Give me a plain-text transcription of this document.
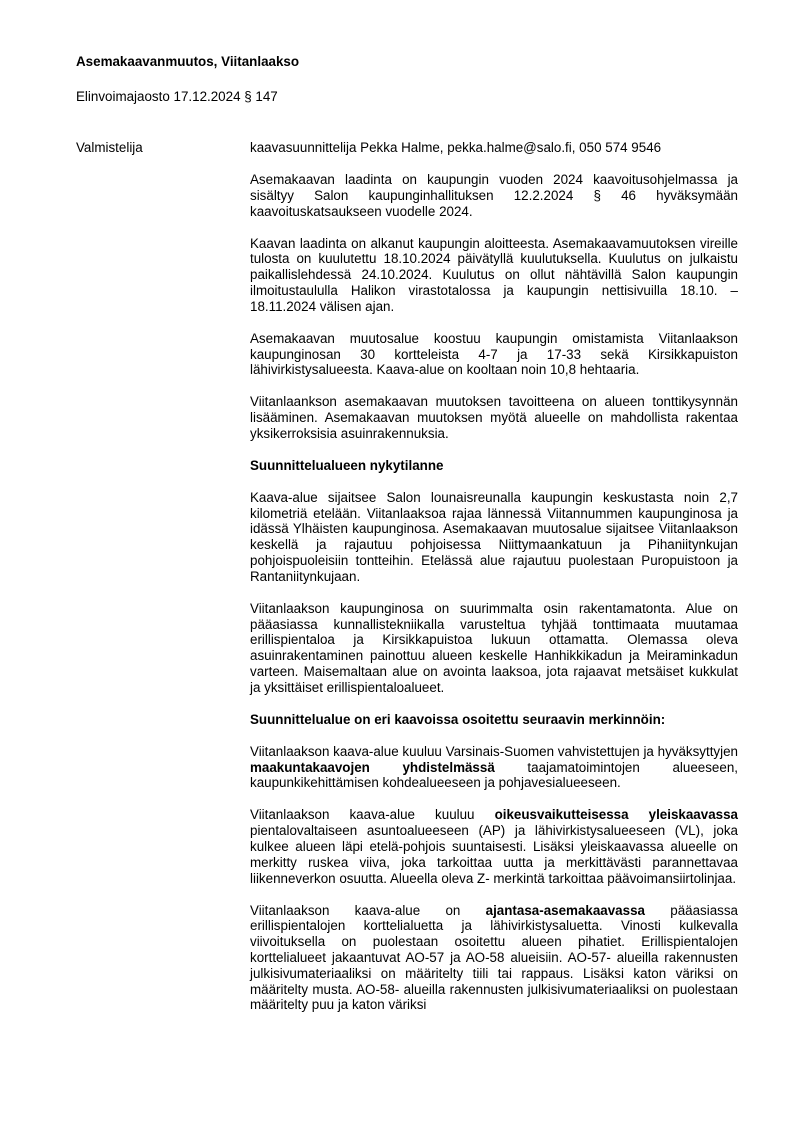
Asemakaavanmuutos, Viitanlaakso

Elinvoimajaosto 17.12.2024 § 147

Valmistelija	kaavasuunnittelija Pekka Halme, pekka.halme@salo.fi, 050 574 9546

Asemakaavan laadinta on kaupungin vuoden 2024 kaavoitusohjelmassa ja sisältyy Salon kaupunginhallituksen 12.2.2024 § 46 hyväksymään kaavoituskatsaukseen vuodelle 2024.

Kaavan laadinta on alkanut kaupungin aloitteesta. Asemakaavamuutoksen vireille tulosta on kuulutettu 18.10.2024 päivätyllä kuulutuksella. Kuulutus on julkaistu paikallislehdessä 24.10.2024. Kuulutus on ollut nähtävillä Salon kaupungin ilmoitustaululla Halikon virastotalossa ja kaupungin nettisivuilla 18.10. – 18.11.2024 välisen ajan.

Asemakaavan muutosalue koostuu kaupungin omistamista Viitanlaakson kaupunginosan 30 kortteleista 4-7 ja 17-33 sekä Kirsikkapuiston lähivirkistysalueesta. Kaava-alue on kooltaan noin 10,8 hehtaaria.

Viitanlaankson asemakaavan muutoksen tavoitteena on alueen tonttikysynnän lisääminen. Asemakaavan muutoksen myötä alueelle on mahdollista rakentaa yksikerroksisia asuinrakennuksia.

Suunnittelualueen nykytilanne

Kaava-alue sijaitsee Salon lounaisreunalla kaupungin keskustasta noin 2,7 kilometriä etelään. Viitanlaaksoa rajaa lännessä Viitannummen kaupunginosa ja idässä Ylhäisten kaupunginosa. Asemakaavan muutosalue sijaitsee Viitanlaakson keskellä ja rajautuu pohjoisessa Niittymaankatuun ja Pihaniitynkujan pohjoispuoleisiin tontteihin. Etelässä alue rajautuu puolestaan Puropuistoon ja Rantaniitynkujaan.

Viitanlaakson kaupunginosa on suurimmalta osin rakentamatonta. Alue on pääasiassa kunnallistekniikalla varusteltua tyhjää tonttimaata muutamaa erillispientaloa ja Kirsikkapuistoa lukuun ottamatta. Olemassa oleva asuinrakentaminen painottuu alueen keskelle Hanhikkikadun ja Meiraminkadun varteen. Maisemaltaan alue on avointa laaksoa, jota rajaavat metsäiset kukkulat ja yksittäiset erillispientaloalueet.

Suunnittelualue on eri kaavoissa osoitettu seuraavin merkinnöin:

Viitanlaakson kaava-alue kuuluu Varsinais-Suomen vahvistettujen ja hyväksyttyjen maakuntakaavojen yhdistelmässä taajamatoimintojen alueeseen, kaupunkikehittämisen kohdealueeseen ja pohjavesialueeseen.

Viitanlaakson kaava-alue kuuluu oikeusvaikutteisessa yleiskaavassa pientalovaltaiseen asuntoalueeseen (AP) ja lähivirkistysalueeseen (VL), joka kulkee alueen läpi etelä-pohjois suuntaisesti. Lisäksi yleiskaavassa alueelle on merkitty ruskea viiva, joka tarkoittaa uutta ja merkittävästi parannettavaa liikenneverkon osuutta. Alueella oleva Z- merkintä tarkoittaa päävoimansiirtolinjaa.

Viitanlaakson kaava-alue on ajantasa-asemakaavassa pääasiassa erillispientalojen korttelialuetta ja lähivirkistysaluetta. Vinosti kulkevalla viivoituksella on puolestaan osoitettu alueen pihatiet. Erillispientalojen korttelialueet jakaantuvat AO-57 ja AO-58 alueisiin. AO-57- alueilla rakennusten julkisivumateriaaliksi on määritelty tiili tai rappaus. Lisäksi katon väriksi on määritelty musta. AO-58- alueilla rakennusten julkisivumateriaaliksi on puolestaan määritelty puu ja katon väriksi
